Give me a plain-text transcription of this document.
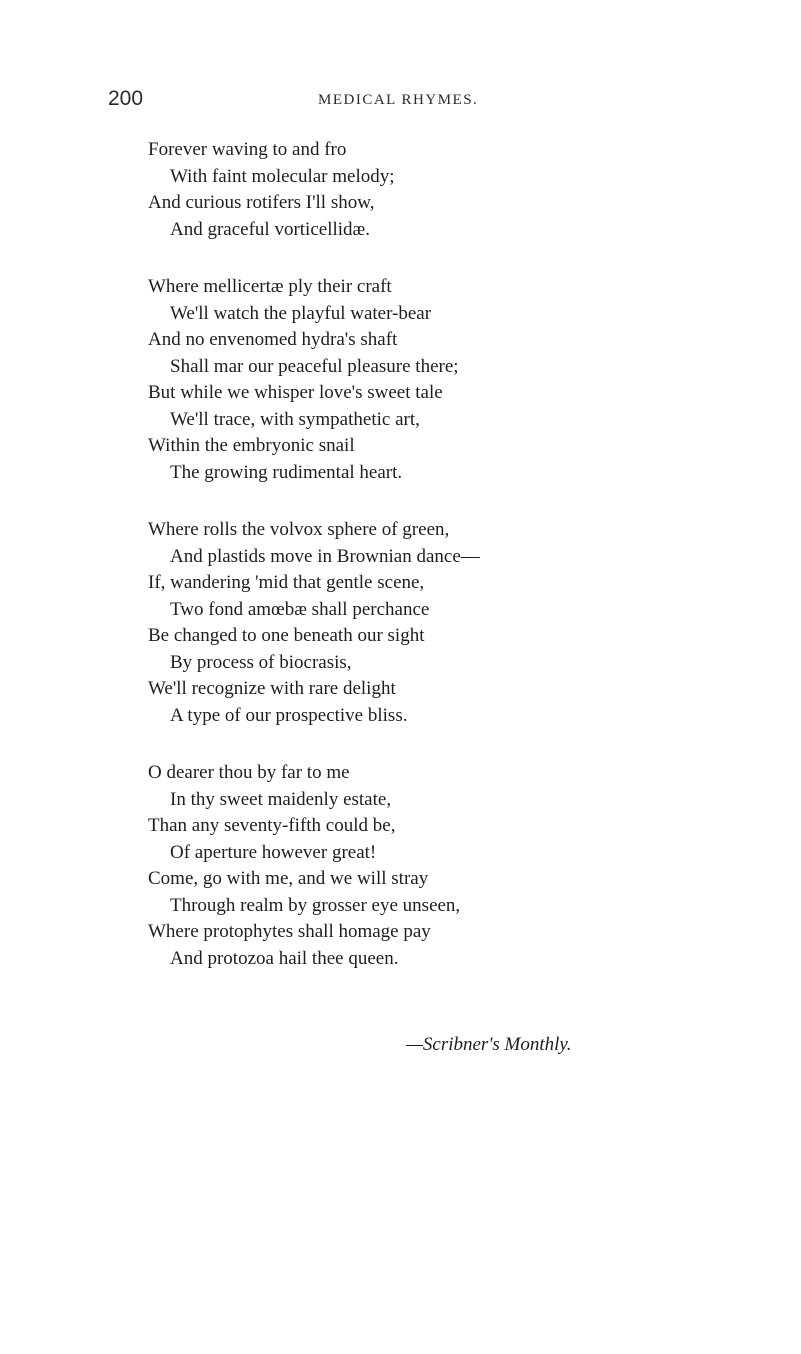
200	MEDICAL RHYMES.
Forever waving to and fro
With faint molecular melody;
And curious rotifers I'll show,
And graceful vorticellidæ.
Where mellicertæ ply their craft
We'll watch the playful water-bear
And no envenomed hydra's shaft
Shall mar our peaceful pleasure there;
But while we whisper love's sweet tale
We'll trace, with sympathetic art,
Within the embryonic snail
The growing rudimental heart.
Where rolls the volvox sphere of green,
And plastids move in Brownian dance—
If, wandering 'mid that gentle scene,
Two fond amœbæ shall perchance
Be changed to one beneath our sight
By process of biocrasis,
We'll recognize with rare delight
A type of our prospective bliss.
O dearer thou by far to me
In thy sweet maidenly estate,
Than any seventy-fifth could be,
Of aperture however great!
Come, go with me, and we will stray
Through realm by grosser eye unseen,
Where protophytes shall homage pay
And protozoa hail thee queen.
—Scribner's Monthly.
